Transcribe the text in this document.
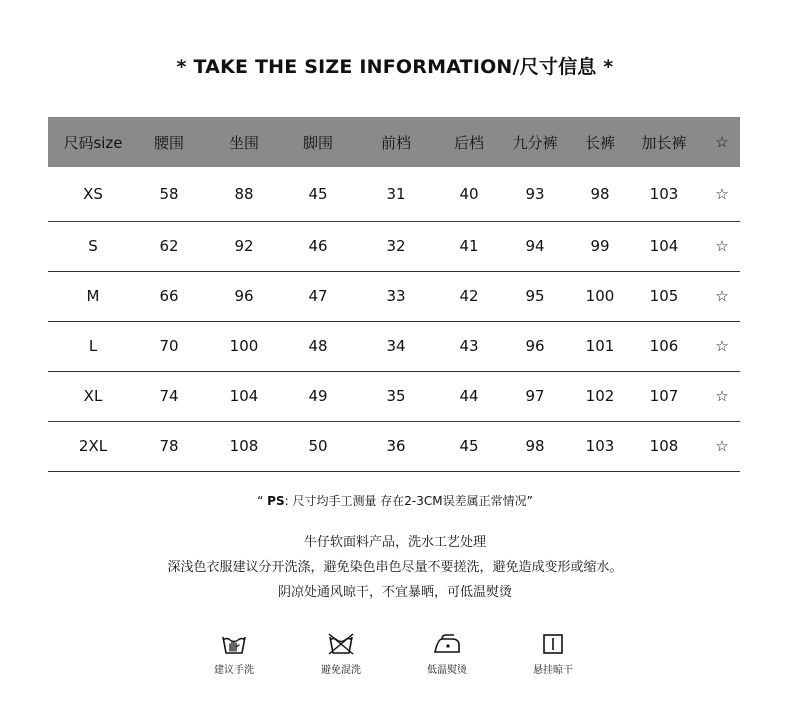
* TAKE THE SIZE INFORMATION/尺寸信息 *
尺码size	腰围	坐围	脚围	前档	后档	九分裤	长裤	加长裤	☆
XS	58	88	45	31	40	93	98	103	☆
S	62	92	46	32	41	94	99	104	☆
M	66	96	47	33	42	95	100	105	☆
L	70	100	48	34	43	96	101	106	☆
XL	74	104	49	35	44	97	102	107	☆
2XL	78	108	50	36	45	98	103	108	☆
“ PS: 尺寸均手工测量 存在2-3CM误差属正常情况”
牛仔软面料产品，洗水工艺处理
深浅色衣服建议分开洗涤，避免染色串色尽量不要搓洗，避免造成变形或缩水。
阴凉处通风晾干，不宜暴晒，可低温熨烫
建议手洗	避免混洗	低温熨烫	悬挂晾干
